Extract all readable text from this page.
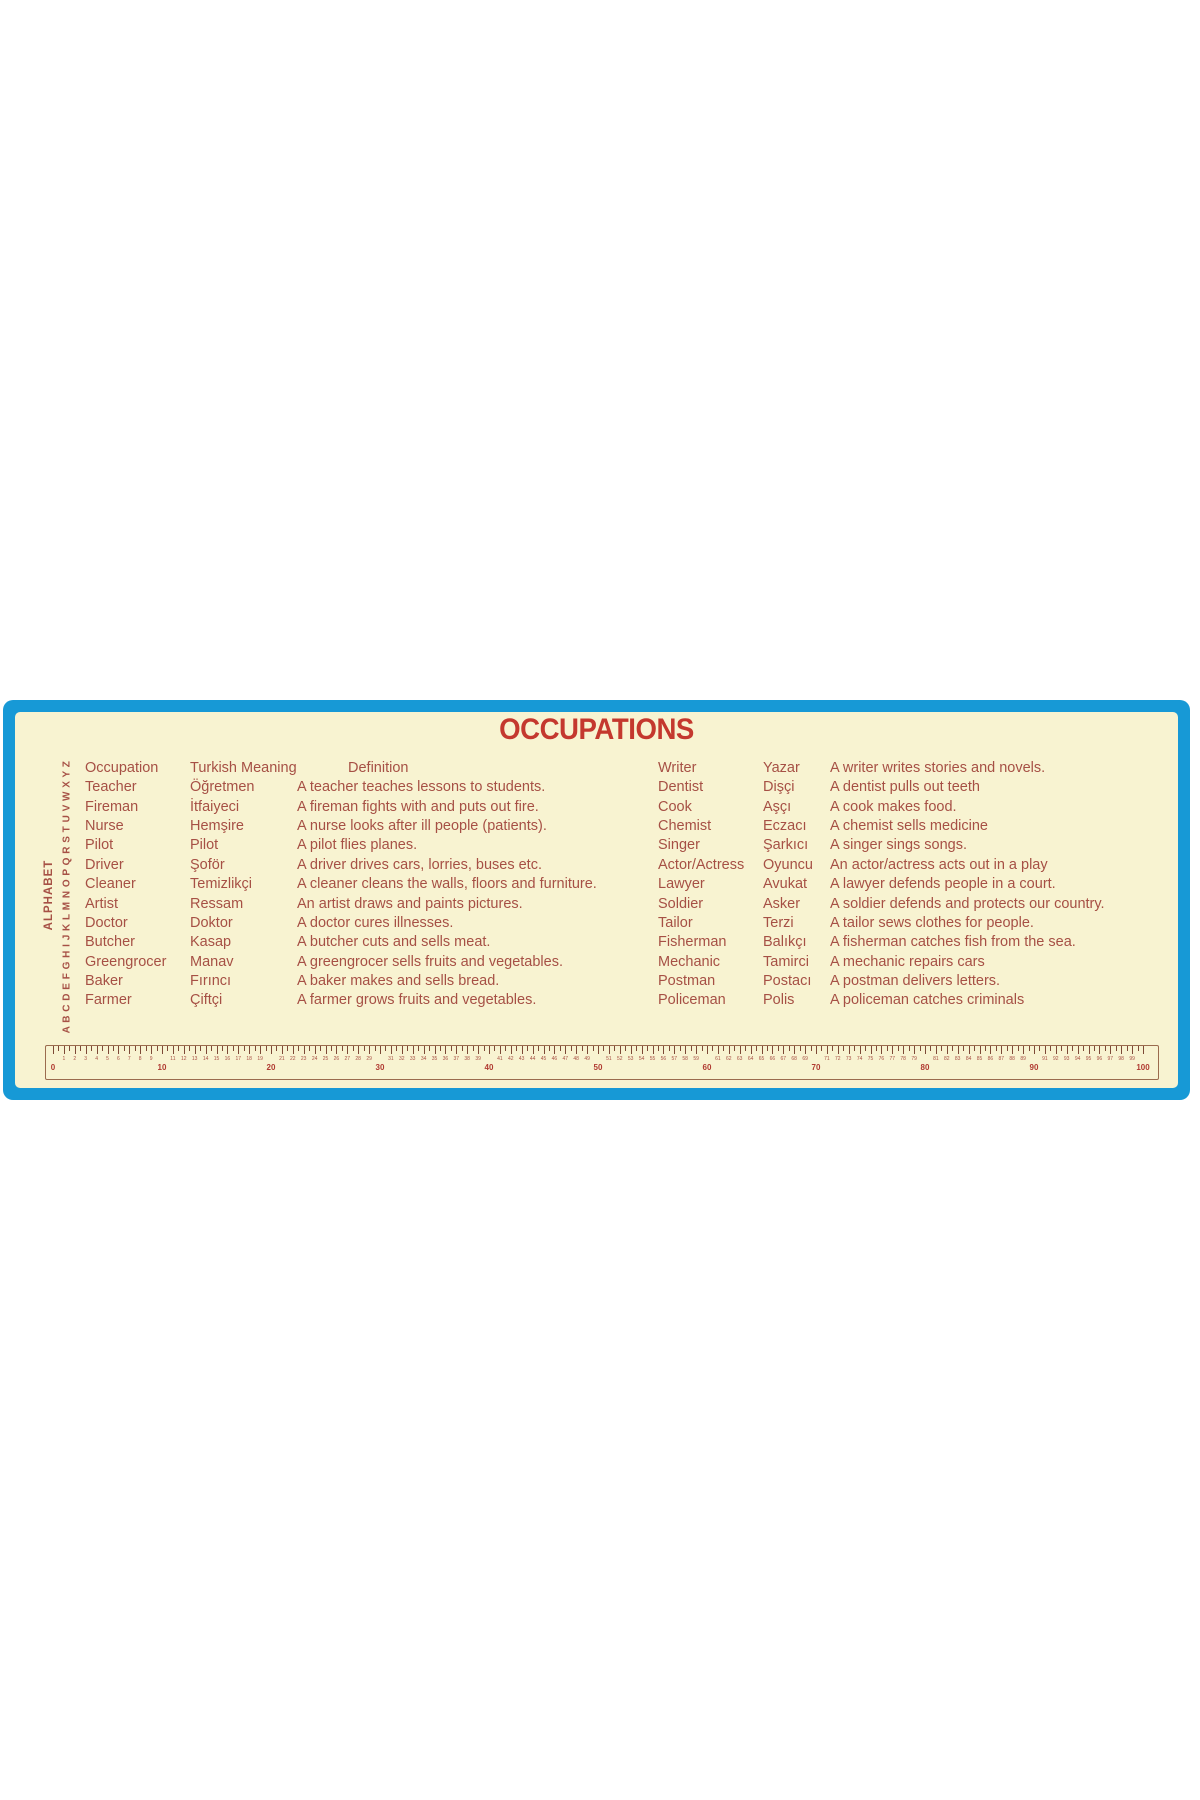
OCCUPATIONS
ALPHABET A B C D E F G H I J K L M N O P Q R S T U V W X Y Z Occupation	Turkish Meaning	Definition
Teacher	Öğretmen	A teacher teaches lessons to students.
Fireman	İtfaiyeci	A fireman fights with and puts out fire.
Nurse	Hemşire	A nurse looks after ill people (patients).
Pilot	Pilot	A pilot flies planes.
Driver	Şoför	A driver drives cars, lorries, buses etc.
Cleaner	Temizlikçi	A cleaner cleans the walls, floors and furniture.
Artist	Ressam	An artist draws and paints pictures.
Doctor	Doktor	A doctor cures illnesses.
Butcher	Kasap	A butcher cuts and sells meat.
Greengrocer	Manav	A greengrocer sells fruits and vegetables.
Baker	Fırıncı	A baker makes and sells bread.
Farmer	Çiftçi	A farmer grows fruits and vegetables.
Writer	Yazar	A writer writes stories and novels.
Dentist	Dişçi	A dentist pulls out teeth
Cook	Aşçı	A cook makes food.
Chemist	Eczacı	A chemist sells medicine
Singer	Şarkıcı	A singer sings songs.
Actor/Actress	Oyuncu	An actor/actress acts out in a play
Lawyer	Avukat	A lawyer defends people in a court.
Soldier	Asker	A soldier defends and protects our country.
Tailor	Terzi	A tailor sews clothes for people.
Fisherman	Balıkçı	A fisherman catches fish from the sea.
Mechanic	Tamirci	A mechanic repairs cars
Postman	Postacı	A postman delivers letters.
Policeman	Polis	A policeman catches criminals
1 2 3 4 5 6 7 8 9	11 12 13 14 15 16 17 18 19	21 22 23 24 25 26 27 28 29	31 32 33 34 35 36 37 38 39	41 42 43 44 45 46 47 48 49	51 52 53 54 55 56 57 58 59	61 62 63 64 65 66 67 68 69	71 72 73 74 75 76 77 78 79	81 82 83 84 85 86 87 88 89	91 92 93 94 95 96 97 98 99
0	10	20	30	40	50	60	70	80	90	100
